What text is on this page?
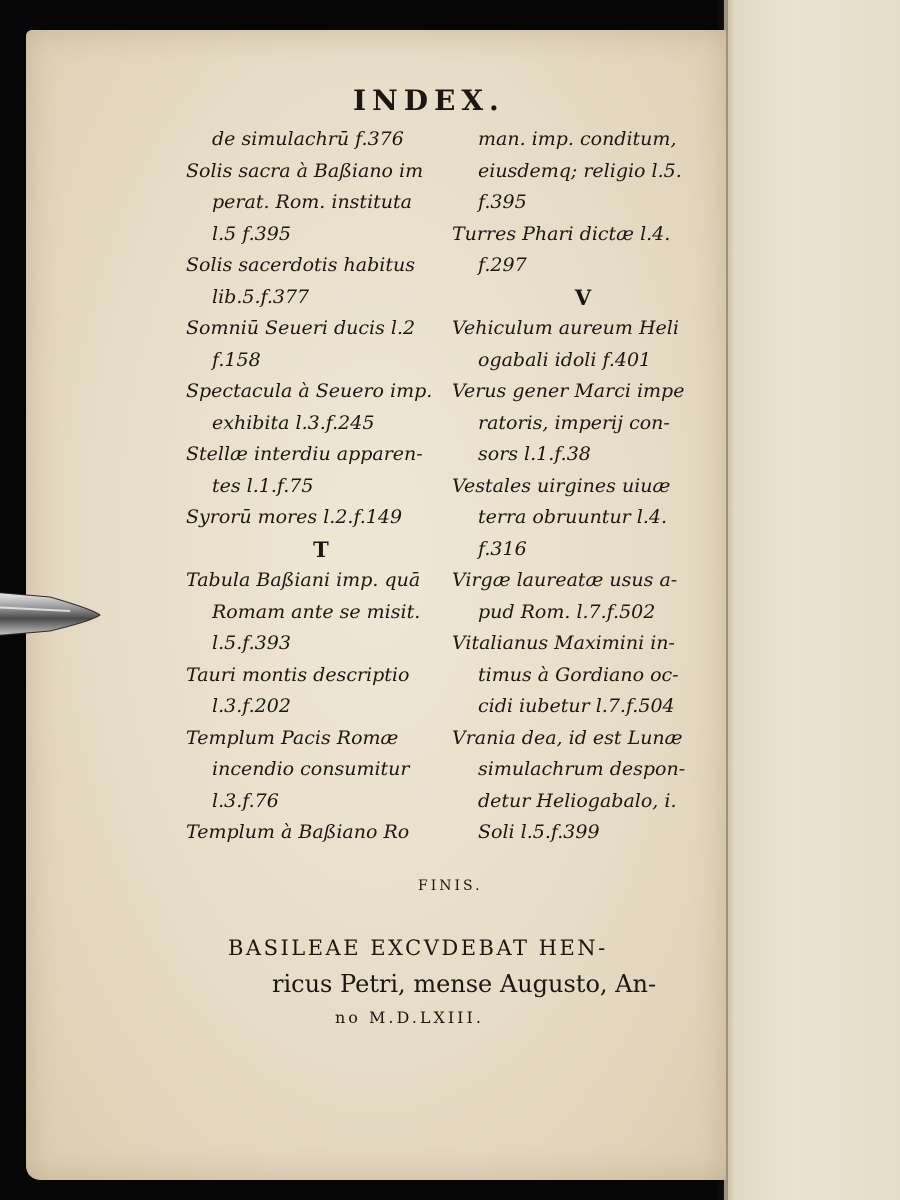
INDEX.
de simulachrū f.376
Solis sacra à Baßiano im
perat. Rom. instituta
l.5 f.395
Solis sacerdotis habitus
lib.5.f.377
Somniū Seueri ducis l.2
f.158
Spectacula à Seuero imp.
exhibita l.3.f.245
Stellæ interdiu apparen-
tes l.1.f.75
Syrorū mores l.2.f.149
T
Tabula Baßiani imp. quā
Romam ante se misit.
l.5.f.393
Tauri montis descriptio
l.3.f.202
Templum Pacis Romæ
incendio consumitur
l.3.f.76
Templum à Baßiano Ro
man. imp. conditum,
eiusdemq; religio l.5.
f.395
Turres Phari dictæ l.4.
f.297
V
Vehiculum aureum Heli
ogabali idoli f.401
Verus gener Marci impe
ratoris, imperij con-
sors l.1.f.38
Vestales uirgines uiuæ
terra obruuntur l.4.
f.316
Virgæ laureatæ usus a-
pud Rom. l.7.f.502
Vitalianus Maximini in-
timus à Gordiano oc-
cidi iubetur l.7.f.504
Vrania dea, id est Lunæ
simulachrum despon-
detur Heliogabalo, i.
Soli l.5.f.399
FINIS.
BASILEAE EXCVDEBAT HEN-
ricus Petri, mense Augusto, An-
no M.D.LXIII.
